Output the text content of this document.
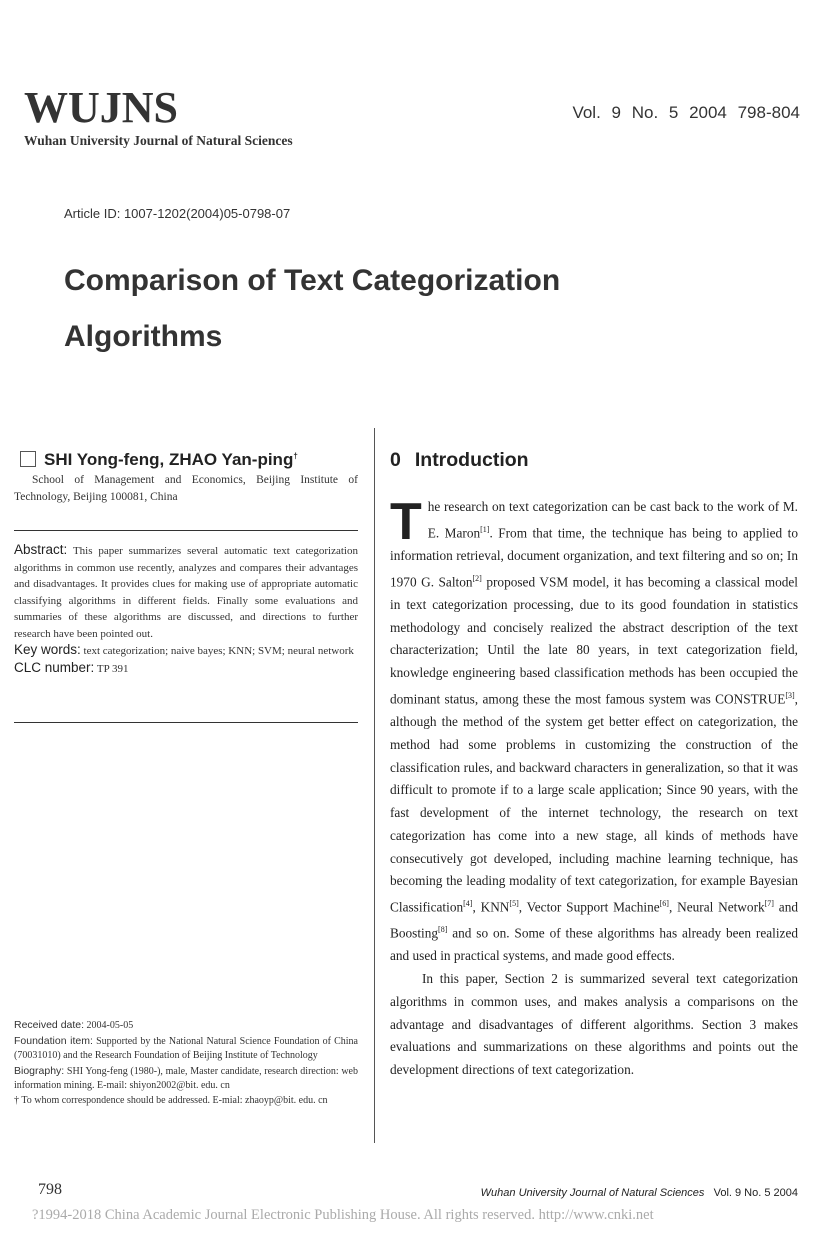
WUJNS
Wuhan University Journal of Natural Sciences
Vol. 9 No. 5 2004 798-804
Article ID: 1007-1202(2004)05-0798-07
Comparison of Text Categorization Algorithms
SHI Yong-feng, ZHAO Yan-ping†
School of Management and Economics, Beijing Institute of Technology, Beijing 100081, China
Abstract: This paper summarizes several automatic text categorization algorithms in common use recently, analyzes and compares their advantages and disadvantages. It provides clues for making use of appropriate automatic classifying algorithms in different fields. Finally some evaluations and summaries of these algorithms are discussed, and directions to further research have been pointed out.
Key words: text categorization; naive bayes; KNN; SVM; neural network
CLC number: TP 391
Received date: 2004-05-05
Foundation item: Supported by the National Natural Science Foundation of China (70031010) and the Research Foundation of Beijing Institute of Technology
Biography: SHI Yong-feng (1980-), male, Master candidate, research direction: web information mining. E-mail: shiyon2002@bit. edu. cn
† To whom correspondence should be addressed. E-mial: zhaoyp@bit. edu. cn
0 Introduction

The research on text categorization can be cast back to the work of M. E. Maron[1]. From that time, the technique has being to applied to information retrieval, document organization, and text filtering and so on; In 1970 G. Salton[2] proposed VSM model, it has becoming a classical model in text categorization processing, due to its good foundation in statistics methodology and concisely realized the abstract description of the text characterization; Until the late 80 years, in text categorization field, knowledge engineering based classification methods has been occupied the dominant status, among these the most famous system was CONSTRUE[3], although the method of the system get better effect on categorization, the method had some problems in customizing the construction of the classification rules, and backward characters in generalization, so that it was difficult to promote if to a large scale application; Since 90 years, with the fast development of the internet technology, the research on text categorization has come into a new stage, all kinds of methods have consecutively got developed, including machine learning technique, has becoming the leading modality of text categorization, for example Bayesian Classification[4], KNN[5], Vector Support Machine[6], Neural Network[7] and Boosting[8] and so on. Some of these algorithms has already been realized and used in practical systems, and made good effects.

In this paper, Section 2 is summarized several text categorization algorithms in common uses, and makes analysis a comparisons on the advantage and disadvantages of different algorithms. Section 3 makes evaluations and summarizations on these algorithms and points out the development directions of text categorization.

798	Wuhan University Journal of Natural Sciences Vol. 9 No. 5 2004
?1994-2018 China Academic Journal Electronic Publishing House. All rights reserved. http://www.cnki.net
